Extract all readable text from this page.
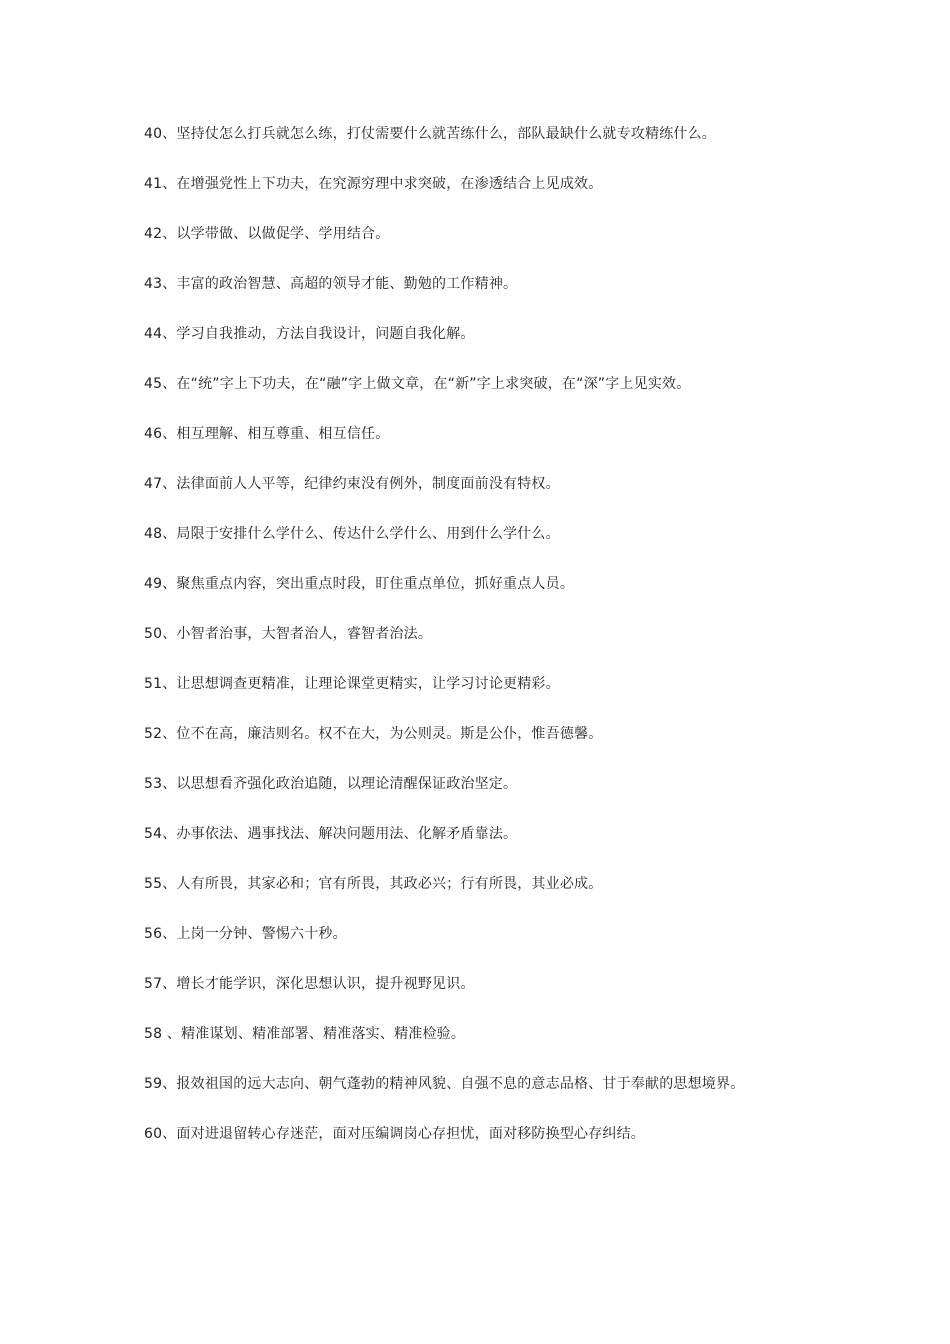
40、坚持仗怎么打兵就怎么练，打仗需要什么就苦练什么，部队最缺什么就专攻精练什么。

41、在增强党性上下功夫，在究源穷理中求突破，在渗透结合上见成效。

42、以学带做、以做促学、学用结合。

43、丰富的政治智慧、高超的领导才能、勤勉的工作精神。

44、学习自我推动，方法自我设计，问题自我化解。

45、在“统”字上下功夫，在“融”字上做文章，在“新”字上求突破，在“深”字上见实效。

46、相互理解、相互尊重、相互信任。

47、法律面前人人平等，纪律约束没有例外，制度面前没有特权。

48、局限于安排什么学什么、传达什么学什么、用到什么学什么。

49、聚焦重点内容，突出重点时段，盯住重点单位，抓好重点人员。

50、小智者治事，大智者治人，睿智者治法。

51、让思想调查更精准，让理论课堂更精实，让学习讨论更精彩。

52、位不在高，廉洁则名。权不在大，为公则灵。斯是公仆，惟吾德馨。

53、以思想看齐强化政治追随，以理论清醒保证政治坚定。

54、办事依法、遇事找法、解决问题用法、化解矛盾靠法。

55、人有所畏，其家必和；官有所畏，其政必兴；行有所畏，其业必成。

56、上岗一分钟、警惕六十秒。

57、增长才能学识，深化思想认识，提升视野见识。

58 、精准谋划、精准部署、精准落实、精准检验。

59、报效祖国的远大志向、朝气蓬勃的精神风貌、自强不息的意志品格、甘于奉献的思想境界。

60、面对进退留转心存迷茫，面对压编调岗心存担忧，面对移防换型心存纠结。
